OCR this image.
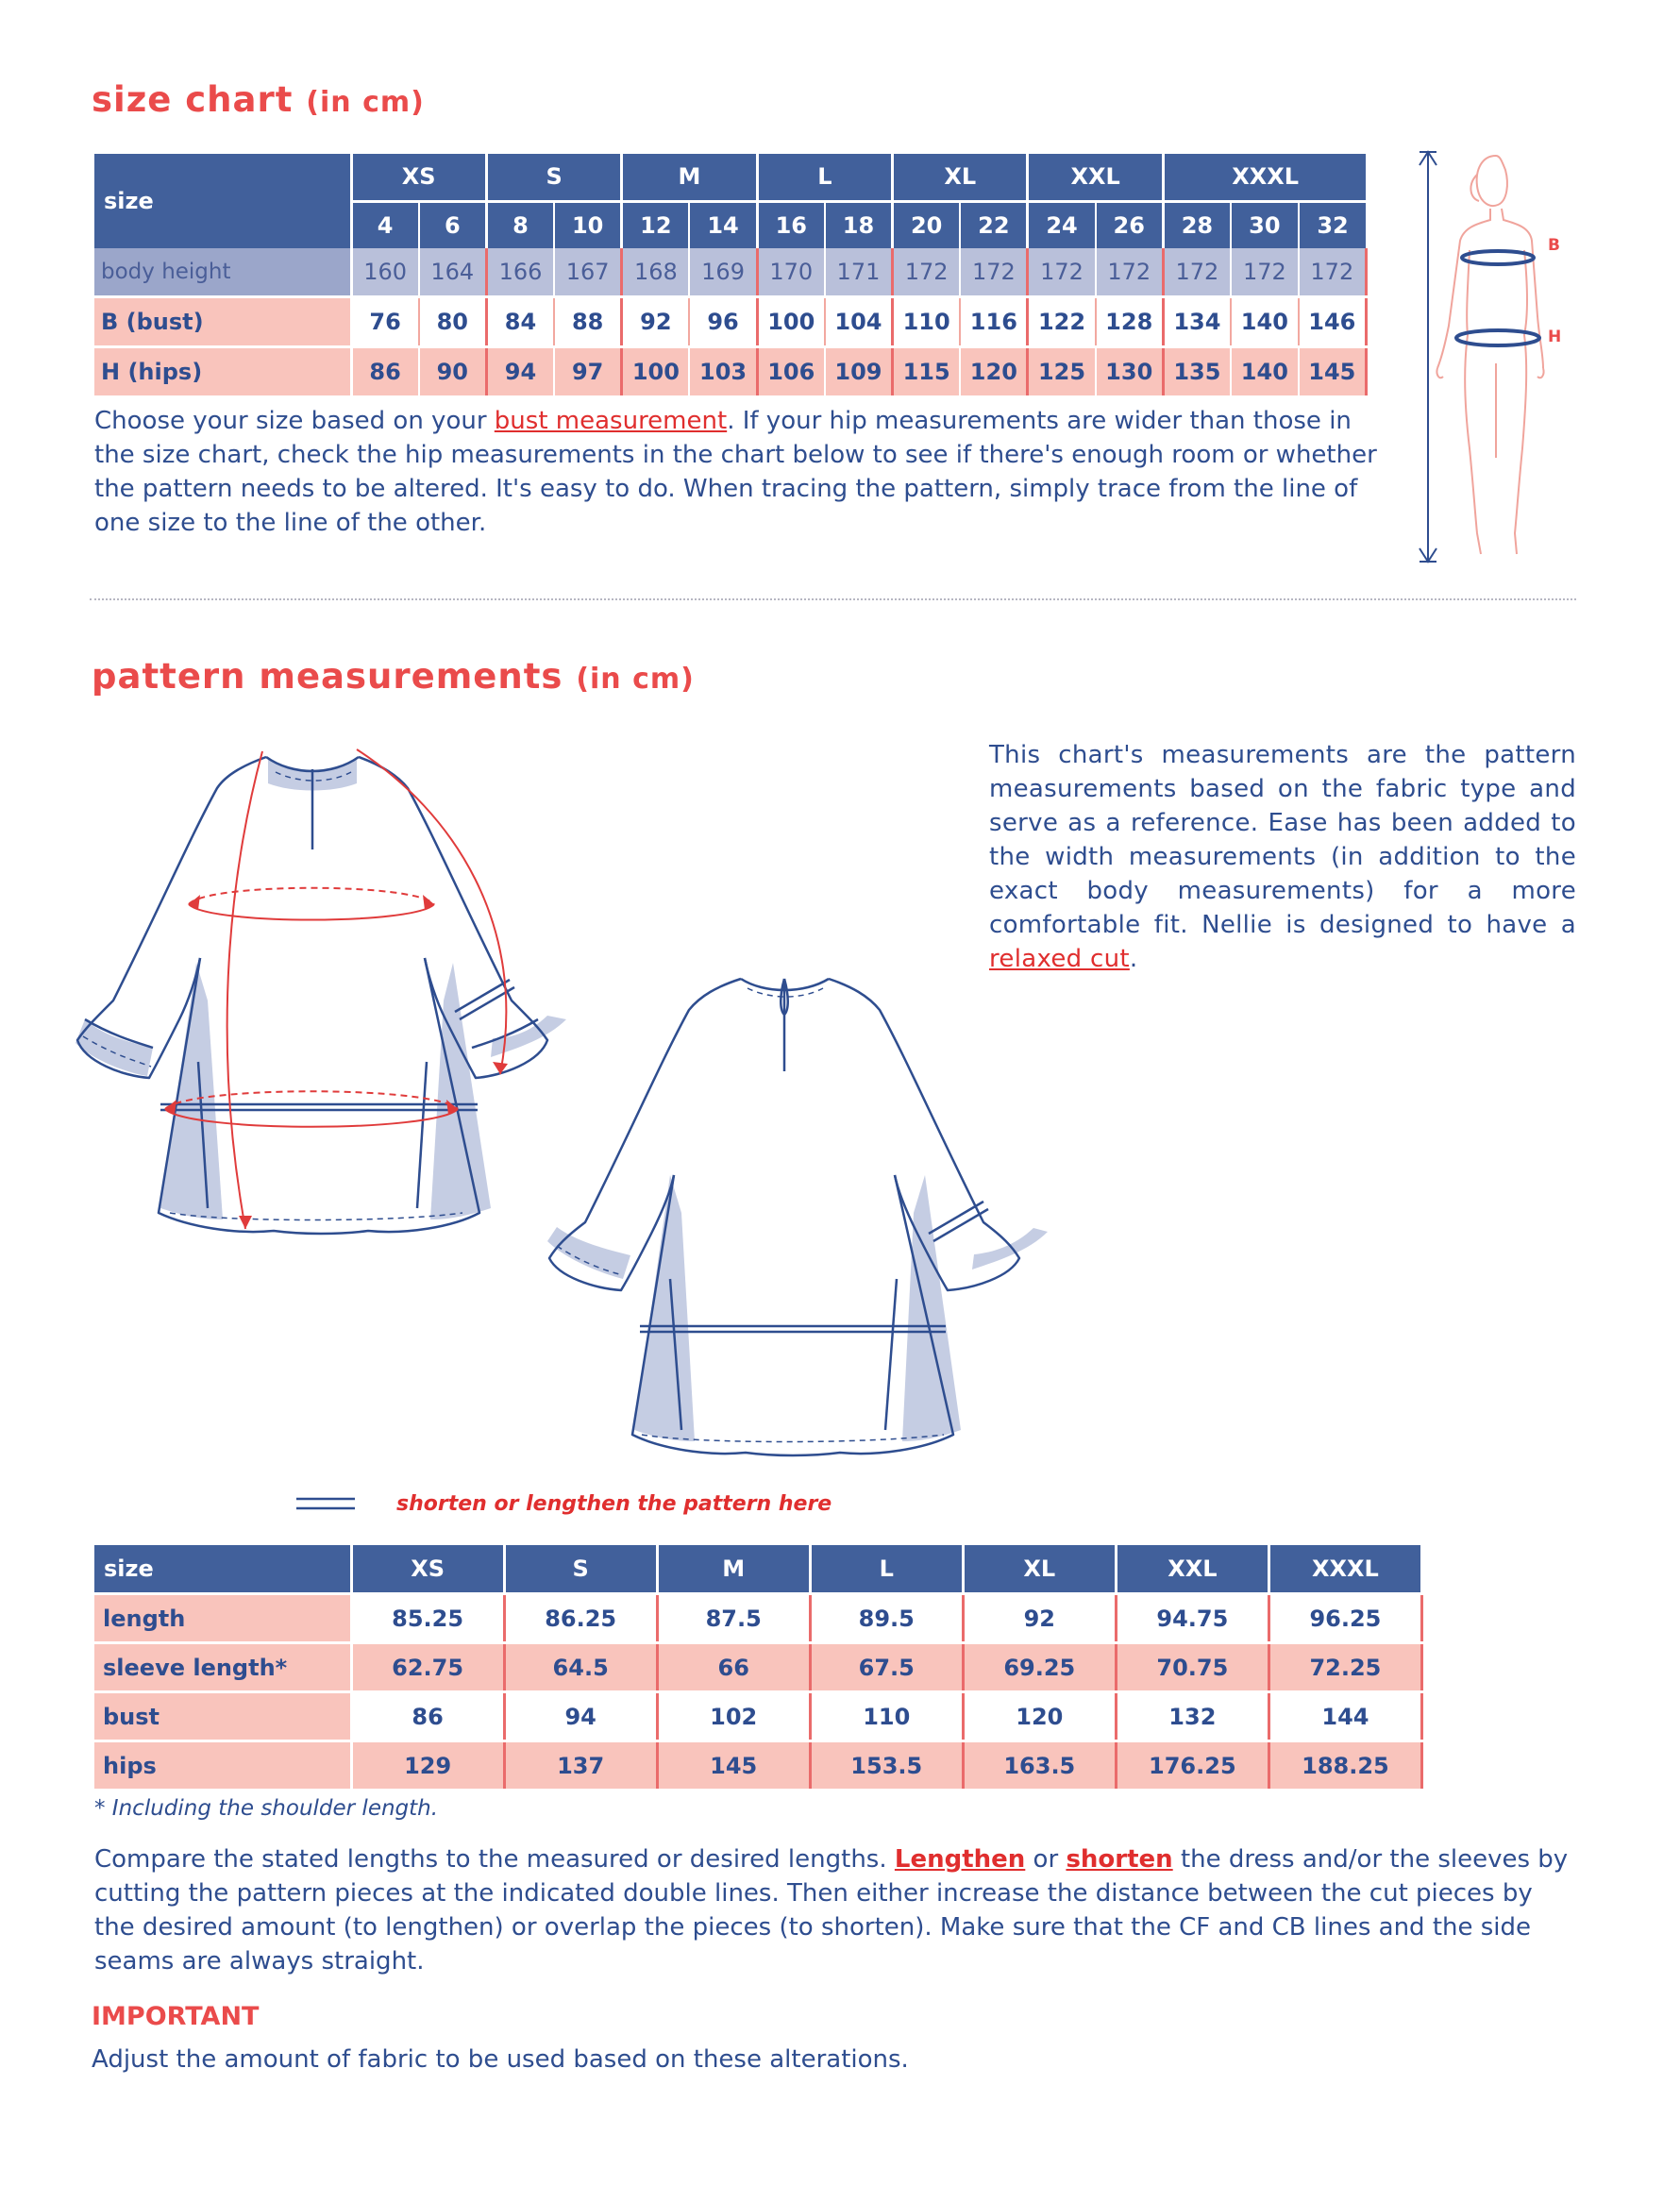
size chart (in cm)
size	XS		S		M		L		XL		XXL		XXXL		
	4	6	8	10	12	14	16	18	20	22	24	26	28	30	32
body height	160	164	166	167	168	169	170	171	172	172	172	172	172	172	172
B (bust)	76	80	84	88	92	96	100	104	110	116	122	128	134	140	146
H (hips)	86	90	94	97	100	103	106	109	115	120	125	130	135	140	145
Choose your size based on your bust measurement. If your hip measurements are wider than those in the size chart, check the hip measurements in the chart below to see if there's enough room or whether the pattern needs to be altered. It's easy to do. When tracing the pattern, simply trace from the line of one size to the line of the other.
B
H
pattern measurements (in cm)
This chart's measurements are the pattern measurements based on the fabric type and serve as a reference. Ease has been added to the width measurements (in addition to the exact body measurements) for a more comfortable fit. Nellie is designed to have a relaxed cut.
shorten or lengthen the pattern here
size	XS	S	M	L	XL	XXL	XXXL
length	85.25	86.25	87.5	89.5	92	94.75	96.25
sleeve length*	62.75	64.5	66	67.5	69.25	70.75	72.25
bust	86	94	102	110	120	132	144
hips	129	137	145	153.5	163.5	176.25	188.25
* Including the shoulder length.
Compare the stated lengths to the measured or desired lengths. Lengthen or shorten the dress and/or the sleeves by cutting the pattern pieces at the indicated double lines. Then either increase the distance between the cut pieces by the desired amount (to lengthen) or overlap the pieces (to shorten). Make sure that the CF and CB lines and the side seams are always straight.
IMPORTANT
Adjust the amount of fabric to be used based on these alterations.
